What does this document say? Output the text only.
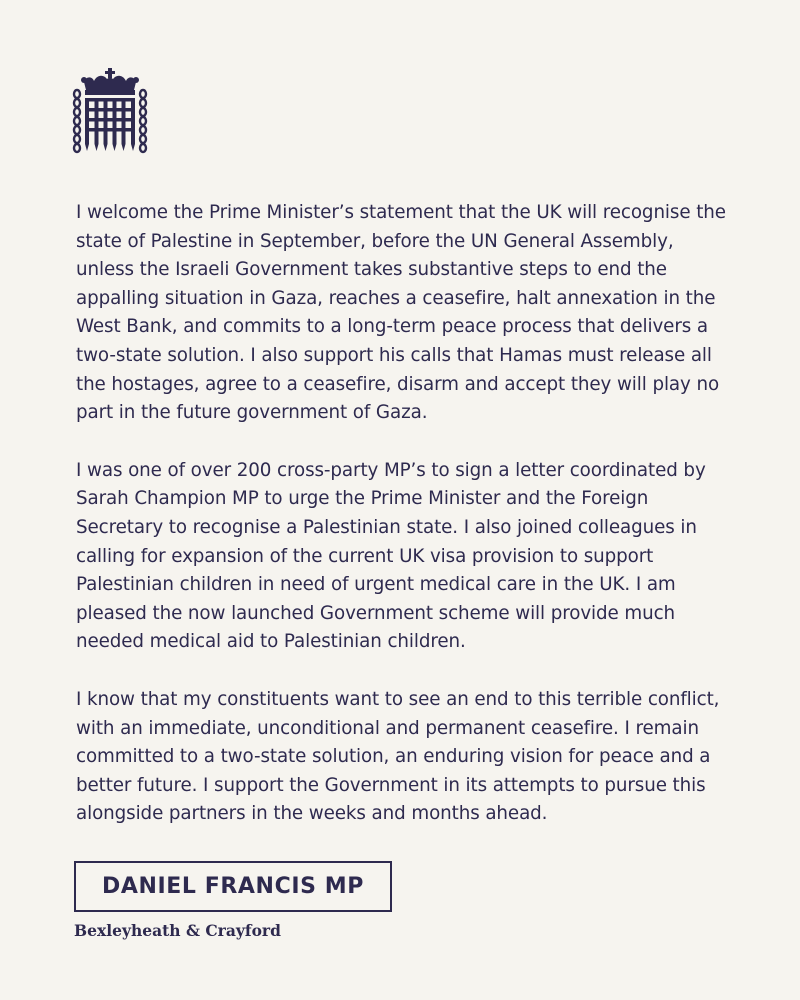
I welcome the Prime Minister’s statement that the UK will recognise the state of Palestine in September, before the UN General Assembly, unless the Israeli Government takes substantive steps to end the appalling situation in Gaza, reaches a ceasefire, halt annexation in the West Bank, and commits to a long-term peace process that delivers a two-state solution. I also support his calls that Hamas must release all the hostages, agree to a ceasefire, disarm and accept they will play no part in the future government of Gaza.

I was one of over 200 cross-party MP’s to sign a letter coordinated by Sarah Champion MP to urge the Prime Minister and the Foreign Secretary to recognise a Palestinian state. I also joined colleagues in calling for expansion of the current UK visa provision to support Palestinian children in need of urgent medical care in the UK. I am pleased the now launched Government scheme will provide much needed medical aid to Palestinian children.

I know that my constituents want to see an end to this terrible conflict, with an immediate, unconditional and permanent ceasefire. I remain committed to a two-state solution, an enduring vision for peace and a better future. I support the Government in its attempts to pursue this alongside partners in the weeks and months ahead.

DANIEL FRANCIS MP
Bexleyheath & Crayford
